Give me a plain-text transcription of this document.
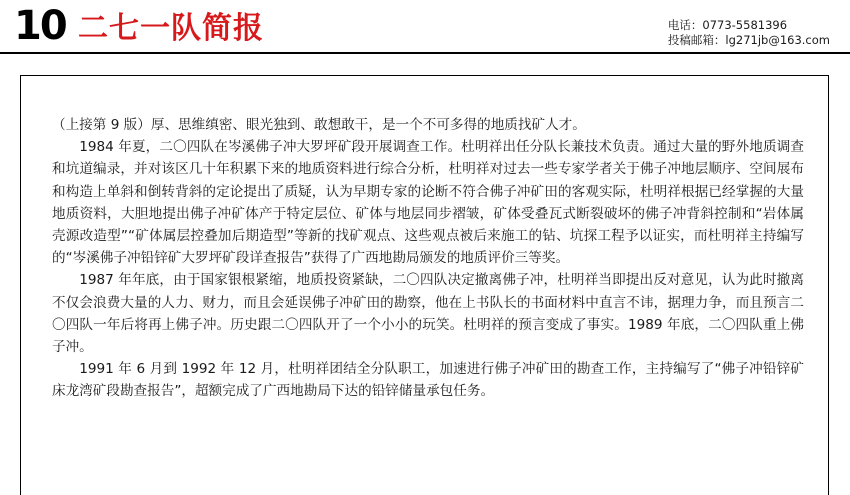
10 二七一队简报	电话：0773-5581396
投稿邮箱：lg271jb@163.com

（上接第 9 版）厚、思维缜密、眼光独到、敢想敢干，是一个不可多得的地质找矿人才。

1984 年夏，二〇四队在岑溪佛子冲大罗坪矿段开展调查工作。杜明祥出任分队长兼技术负责。通过大量的野外地质调查和坑道编录，并对该区几十年积累下来的地质资料进行综合分析，杜明祥对过去一些专家学者关于佛子冲地层顺序、空间展布和构造上单斜和倒转背斜的定论提出了质疑，认为早期专家的论断不符合佛子冲矿田的客观实际，杜明祥根据已经掌握的大量地质资料，大胆地提出佛子冲矿体产于特定层位、矿体与地层同步褶皱，矿体受叠瓦式断裂破坏的佛子冲背斜控制和“岩体属壳源改造型”“矿体属层控叠加后期造型”等新的找矿观点、这些观点被后来施工的钻、坑探工程予以证实，而杜明祥主持编写的“岑溪佛子冲铅锌矿大罗坪矿段详查报告”获得了广西地勘局颁发的地质评价三等奖。

1987 年年底，由于国家银根紧缩，地质投资紧缺，二〇四队决定撤离佛子冲，杜明祥当即提出反对意见，认为此时撤离不仅会浪费大量的人力、财力，而且会延误佛子冲矿田的勘察，他在上书队长的书面材料中直言不讳，据理力争，而且预言二〇四队一年后将再上佛子冲。历史跟二〇四队开了一个小小的玩笑。杜明祥的预言变成了事实。1989 年底，二〇四队重上佛子冲。

1991 年 6 月到 1992 年 12 月，杜明祥团结全分队职工，加速进行佛子冲矿田的勘查工作，主持编写了“佛子冲铅锌矿床龙湾矿段勘查报告”，超额完成了广西地勘局下达的铅锌储量承包任务。
